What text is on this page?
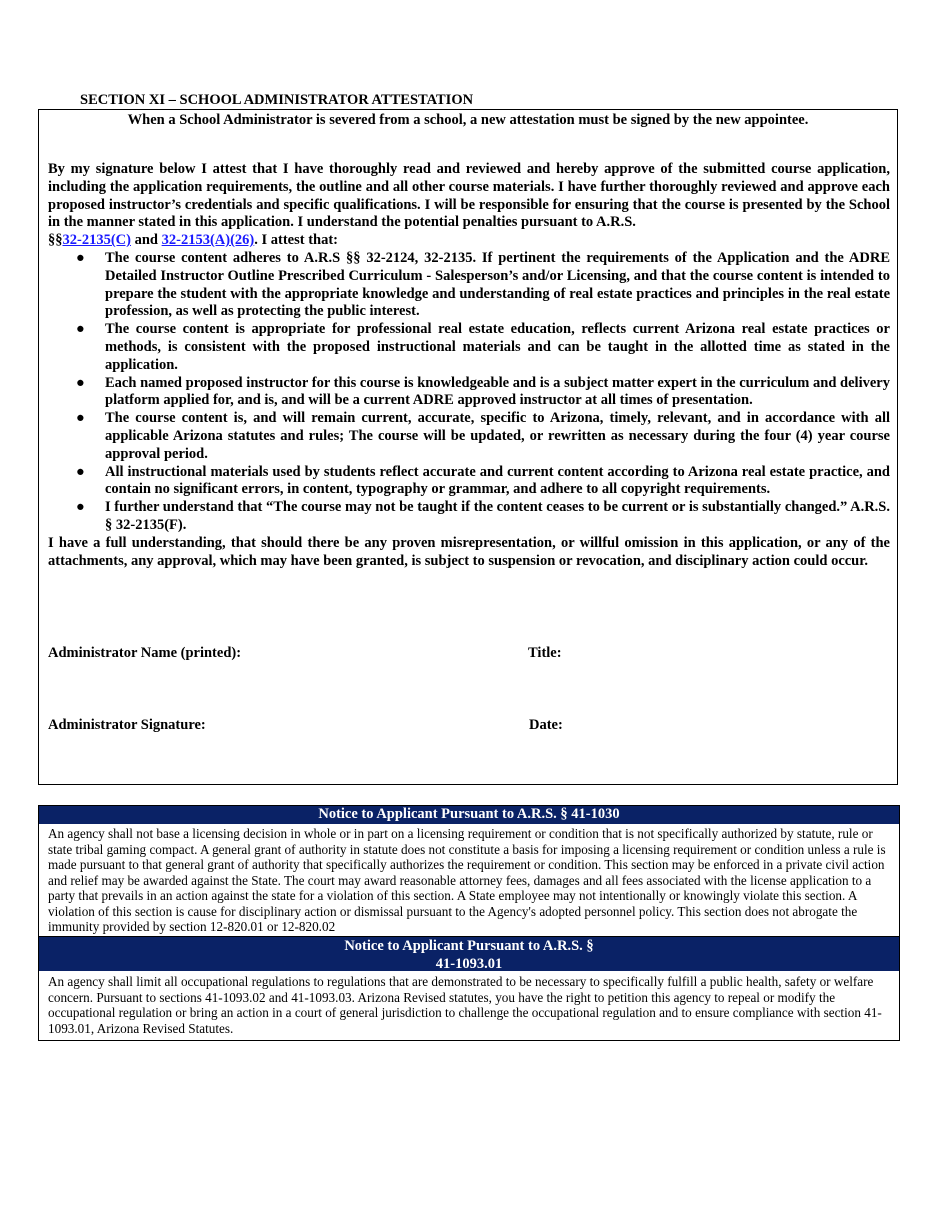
SECTION XI – SCHOOL ADMINISTRATOR ATTESTATION

When a School Administrator is severed from a school, a new attestation must be signed by the new appointee.

By my signature below I attest that I have thoroughly read and reviewed and hereby approve of the submitted course application, including the application requirements, the outline and all other course materials. I have further thoroughly reviewed and approve each proposed instructor’s credentials and specific qualifications. I will be responsible for ensuring that the course is presented by the School in the manner stated in this application. I understand the potential penalties pursuant to A.R.S.

§§32-2135(C) and 32-2153(A)(26). I attest that:

● The course content adheres to A.R.S §§ 32-2124, 32-2135. If pertinent the requirements of the Application and the ADRE Detailed Instructor Outline Prescribed Curriculum - Salesperson’s and/or Licensing, and that the course content is intended to prepare the student with the appropriate knowledge and understanding of real estate practices and principles in the real estate profession, as well as protecting the public interest.
● The course content is appropriate for professional real estate education, reflects current Arizona real estate practices or methods, is consistent with the proposed instructional materials and can be taught in the allotted time as stated in the application.
● Each named proposed instructor for this course is knowledgeable and is a subject matter expert in the curriculum and delivery platform applied for, and is, and will be a current ADRE approved instructor at all times of presentation.
● The course content is, and will remain current, accurate, specific to Arizona, timely, relevant, and in accordance with all applicable Arizona statutes and rules; The course will be updated, or rewritten as necessary during the four (4) year course approval period.
● All instructional materials used by students reflect accurate and current content according to Arizona real estate practice, and contain no significant errors, in content, typography or grammar, and adhere to all copyright requirements.
● I further understand that “The course may not be taught if the content ceases to be current or is substantially changed.” A.R.S. § 32-2135(F).

I have a full understanding, that should there be any proven misrepresentation, or willful omission in this application, or any of the attachments, any approval, which may have been granted, is subject to suspension or revocation, and disciplinary action could occur.

Administrator Name (printed):	Title:

Administrator Signature:	Date:

Notice to Applicant Pursuant to A.R.S. § 41-1030

An agency shall not base a licensing decision in whole or in part on a licensing requirement or condition that is not specifically authorized by statute, rule or state tribal gaming compact. A general grant of authority in statute does not constitute a basis for imposing a licensing requirement or condition unless a rule is made pursuant to that general grant of authority that specifically authorizes the requirement or condition. This section may be enforced in a private civil action and relief may be awarded against the State. The court may award reasonable attorney fees, damages and all fees associated with the license application to a party that prevails in an action against the state for a violation of this section. A State employee may not intentionally or knowingly violate this section. A violation of this section is cause for disciplinary action or dismissal pursuant to the Agency's adopted personnel policy. This section does not abrogate the immunity provided by section 12-820.01 or 12-820.02

Notice to Applicant Pursuant to A.R.S. §
41-1093.01

An agency shall limit all occupational regulations to regulations that are demonstrated to be necessary to specifically fulfill a public health, safety or welfare concern. Pursuant to sections 41-1093.02 and 41-1093.03. Arizona Revised statutes, you have the right to petition this agency to repeal or modify the occupational regulation or bring an action in a court of general jurisdiction to challenge the occupational regulation and to ensure compliance with section 41-1093.01, Arizona Revised Statutes.
